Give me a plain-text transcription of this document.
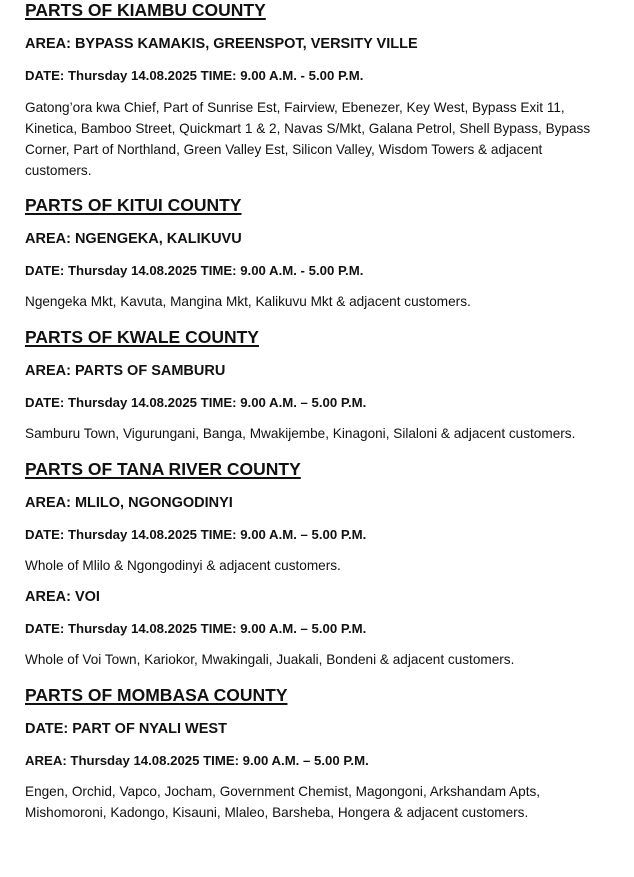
PARTS OF KIAMBU COUNTY
AREA: BYPASS KAMAKIS, GREENSPOT, VERSITY VILLE
DATE: Thursday 14.08.2025 TIME: 9.00 A.M. - 5.00 P.M.

Gatong’ora kwa Chief, Part of Sunrise Est, Fairview, Ebenezer, Key West, Bypass Exit 11,
Kinetica, Bamboo Street, Quickmart 1 & 2, Navas S/Mkt, Galana Petrol, Shell Bypass, Bypass
Corner, Part of Northland, Green Valley Est, Silicon Valley, Wisdom Towers & adjacent
customers.

PARTS OF KITUI COUNTY
AREA: NGENGEKA, KALIKUVU
DATE: Thursday 14.08.2025 TIME: 9.00 A.M. - 5.00 P.M.

Ngengeka Mkt, Kavuta, Mangina Mkt, Kalikuvu Mkt & adjacent customers.

PARTS OF KWALE COUNTY
AREA: PARTS OF SAMBURU
DATE: Thursday 14.08.2025 TIME: 9.00 A.M. – 5.00 P.M.

Samburu Town, Vigurungani, Banga, Mwakijembe, Kinagoni, Silaloni & adjacent customers.

PARTS OF TANA RIVER COUNTY
AREA: MLILO, NGONGODINYI
DATE: Thursday 14.08.2025 TIME: 9.00 A.M. – 5.00 P.M.

Whole of Mlilo & Ngongodinyi & adjacent customers.

AREA: VOI
DATE: Thursday 14.08.2025 TIME: 9.00 A.M. – 5.00 P.M.

Whole of Voi Town, Kariokor, Mwakingali, Juakali, Bondeni & adjacent customers.

PARTS OF MOMBASA COUNTY
DATE: PART OF NYALI WEST
AREA: Thursday 14.08.2025 TIME: 9.00 A.M. – 5.00 P.M.

Engen, Orchid, Vapco, Jocham, Government Chemist, Magongoni, Arkshandam Apts,
Mishomoroni, Kadongo, Kisauni, Mlaleo, Barsheba, Hongera & adjacent customers.
